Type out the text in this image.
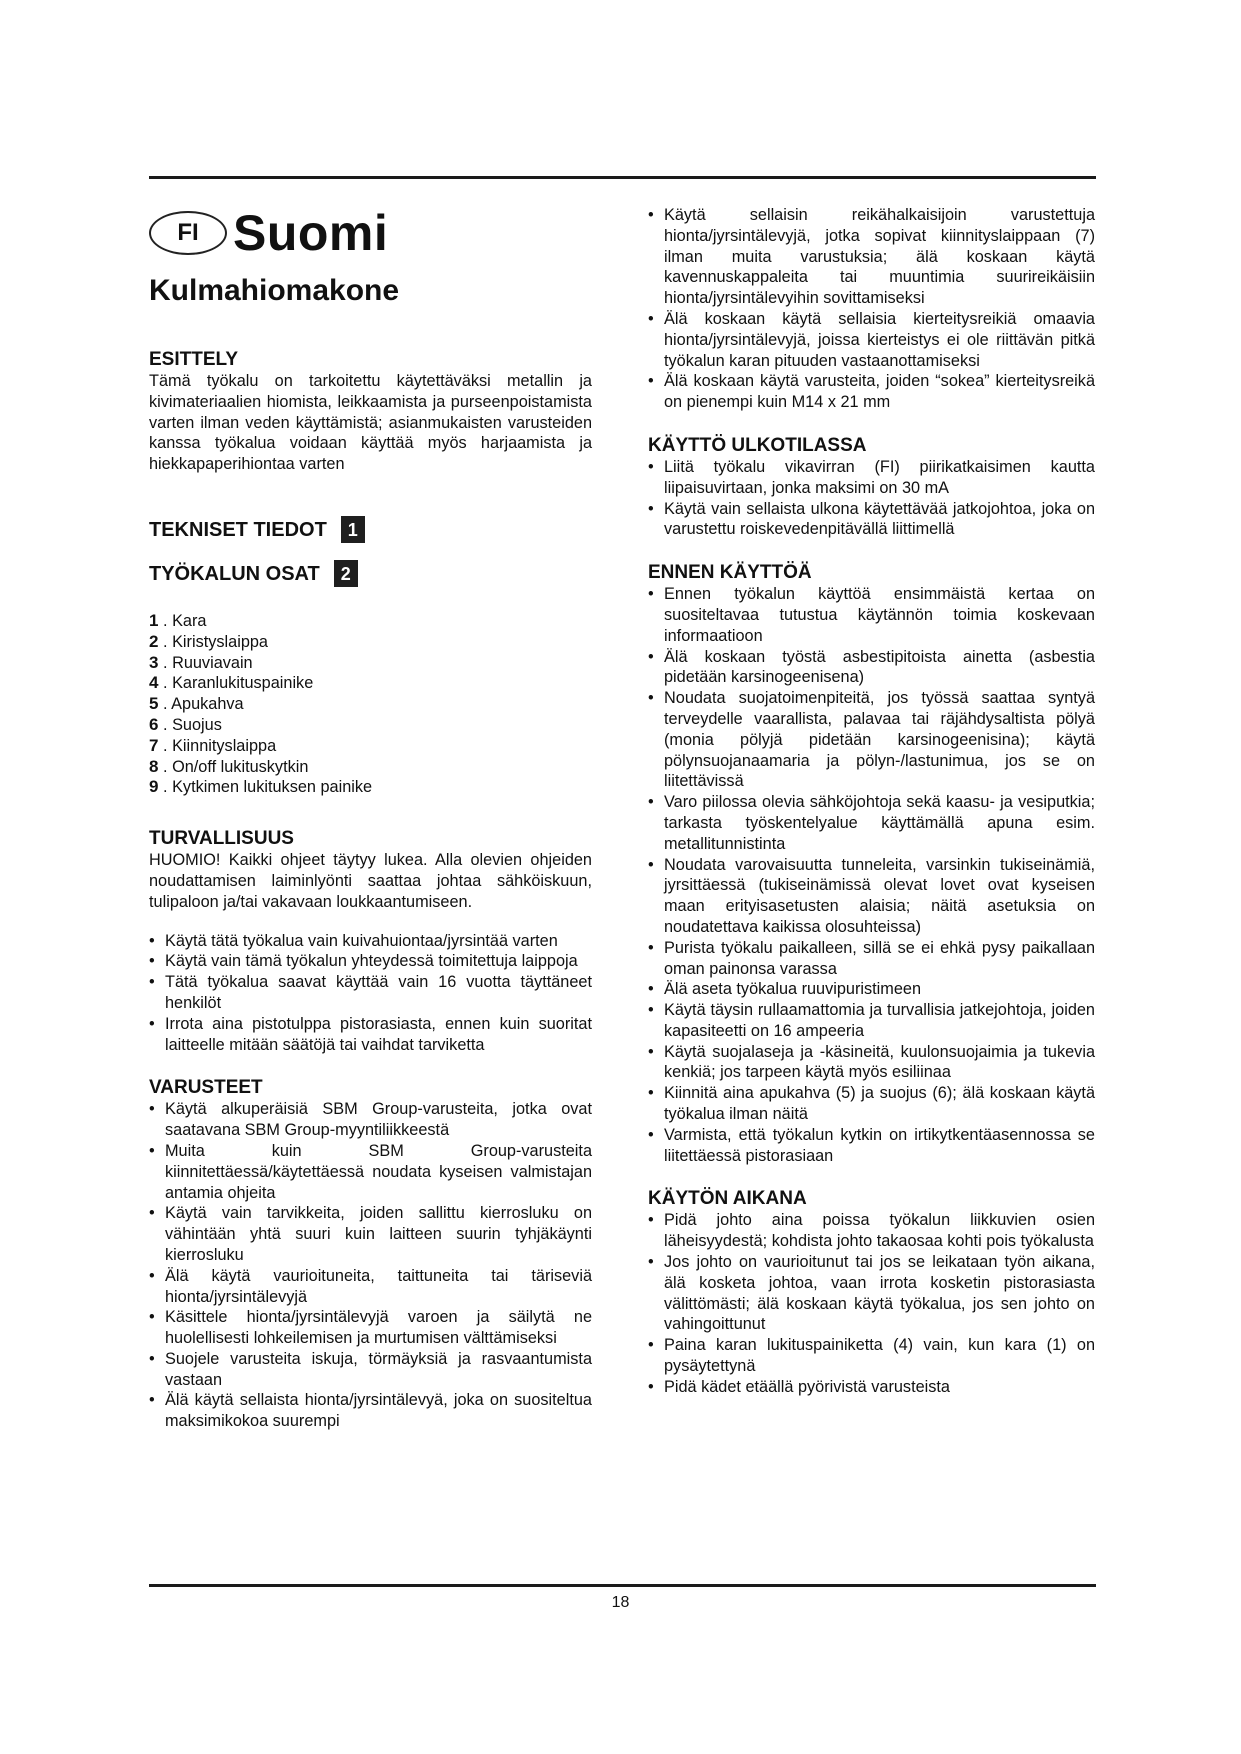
FI Suomi
Kulmahiomakone
ESITTELY

Tämä työkalu on tarkoitettu käytettäväksi metallin ja kivimateriaalien hiomista, leikkaamista ja purseenpoistamista varten ilman veden käyttämistä; asianmukaisten varusteiden kanssa työkalua voidaan käyttää myös harjaamista ja hiekkapaperihiontaa varten

TEKNISET TIEDOT	1
TYÖKALUN OSAT	2
1 . Kara
2 . Kiristyslaippa
3 . Ruuviavain
4 . Karanlukituspainike
5 . Apukahva
6 . Suojus
7 . Kiinnityslaippa
8 . On/off lukituskytkin
9 . Kytkimen lukituksen painike
TURVALLISUUS

HUOMIO! Kaikki ohjeet täytyy lukea. Alla olevien ohjeiden noudattamisen laiminlyönti saattaa johtaa sähköiskuun, tulipaloon ja/tai vakavaan loukkaantumiseen.

• Käytä tätä työkalua vain kuivahuiontaa/jyrsintää varten
• Käytä vain tämä työkalun yhteydessä toimitettuja laippoja
• Tätä työkalua saavat käyttää vain 16 vuotta täyttäneet henkilöt
• Irrota aina pistotulppa pistorasiasta, ennen kuin suoritat laitteelle mitään säätöjä tai vaihdat tarviketta
VARUSTEET
• Käytä alkuperäisiä SBM Group-varusteita, jotka ovat saatavana SBM Group-myyntiliikkeestä
• Muita kuin SBM Group-varusteita kiinnitettäessä/käytettäessä noudata kyseisen valmistajan antamia ohjeita
• Käytä vain tarvikkeita, joiden sallittu kierrosluku on vähintään yhtä suuri kuin laitteen suurin tyhjäkäynti kierrosluku
• Älä käytä vaurioituneita, taittuneita tai täriseviä hionta/jyrsintälevyjä
• Käsittele hionta/jyrsintälevyjä varoen ja säilytä ne huolellisesti lohkeilemisen ja murtumisen välttämiseksi
• Suojele varusteita iskuja, törmäyksiä ja rasvaantumista vastaan
• Älä käytä sellaista hionta/jyrsintälevyä, joka on suositeltua maksimikokoa suurempi
• Käytä sellaisin reikähalkaisijoin varustettuja hionta/jyrsintälevyjä, jotka sopivat kiinnityslaippaan (7) ilman muita varustuksia; älä koskaan käytä kavennuskappaleita tai muuntimia suurireikäisiin hionta/jyrsintälevyihin sovittamiseksi
• Älä koskaan käytä sellaisia kierteitysreikiä omaavia hionta/jyrsintälevyjä, joissa kierteistys ei ole riittävän pitkä työkalun karan pituuden vastaanottamiseksi
• Älä koskaan käytä varusteita, joiden “sokea” kierteitysreikä on pienempi kuin M14 x 21 mm
KÄYTTÖ ULKOTILASSA
• Liitä työkalu vikavirran (FI) piirikatkaisimen kautta liipaisuvirtaan, jonka maksimi on 30 mA
• Käytä vain sellaista ulkona käytettävää jatkojohtoa, joka on varustettu roiskevedenpitävällä liittimellä
ENNEN KÄYTTÖÄ
• Ennen työkalun käyttöä ensimmäistä kertaa on suositeltavaa tutustua käytännön toimia koskevaan informaatioon
• Älä koskaan työstä asbestipitoista ainetta (asbestia pidetään karsinogeenisena)
• Noudata suojatoimenpiteitä, jos työssä saattaa syntyä terveydelle vaarallista, palavaa tai räjähdysaltista pölyä (monia pölyjä pidetään karsinogeenisina); käytä pölynsuojanaamaria ja pölyn-/lastunimua, jos se on liitettävissä
• Varo piilossa olevia sähköjohtoja sekä kaasu- ja vesiputkia; tarkasta työskentelyalue käyttämällä apuna esim. metallitunnistinta
• Noudata varovaisuutta tunneleita, varsinkin tukiseinämiä, jyrsittäessä (tukiseinämissä olevat lovet ovat kyseisen maan erityisasetusten alaisia; näitä asetuksia on noudatettava kaikissa olosuhteissa)
• Purista työkalu paikalleen, sillä se ei ehkä pysy paikallaan oman painonsa varassa
• Älä aseta työkalua ruuvipuristimeen
• Käytä täysin rullaamattomia ja turvallisia jatkejohtoja, joiden kapasiteetti on 16 ampeeria
• Käytä suojalaseja ja -käsineitä, kuulonsuojaimia ja tukevia kenkiä; jos tarpeen käytä myös esiliinaa
• Kiinnitä aina apukahva (5) ja suojus (6); älä koskaan käytä työkalua ilman näitä
• Varmista, että työkalun kytkin on irtikytkentäasennossa se liitettäessä pistorasiaan
KÄYTÖN AIKANA
• Pidä johto aina poissa työkalun liikkuvien osien läheisyydestä; kohdista johto takaosaa kohti pois työkalusta
• Jos johto on vaurioitunut tai jos se leikataan työn aikana, älä kosketa johtoa, vaan irrota kosketin pistorasiasta välittömästi; älä koskaan käytä työkalua, jos sen johto on vahingoittunut
• Paina karan lukituspainiketta (4) vain, kun kara (1) on pysäytettynä
• Pidä kädet etäällä pyörivistä varusteista
18
